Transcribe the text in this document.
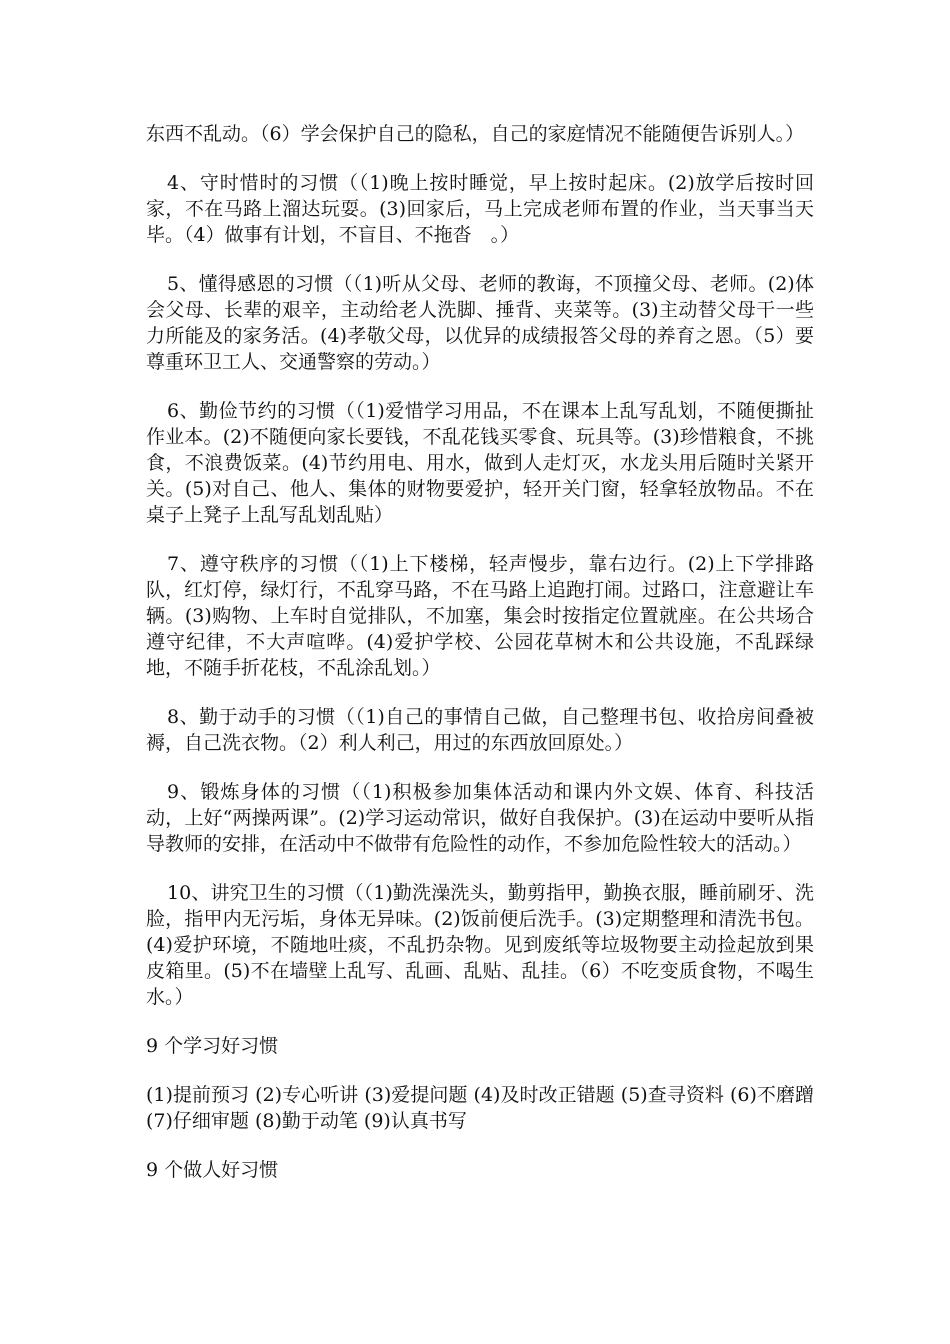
东西不乱动。（6）学会保护自己的隐私，自己的家庭情况不能随便告诉别人。）

4、守时惜时的习惯（（1)晚上按时睡觉，早上按时起床。(2)放学后按时回家，不在马路上溜达玩耍。(3)回家后，马上完成老师布置的作业，当天事当天毕。（4）做事有计划，不盲目、不拖沓　。）

5、懂得感恩的习惯（（1)听从父母、老师的教诲，不顶撞父母、老师。(2)体会父母、长辈的艰辛，主动给老人洗脚、捶背、夹菜等。(3)主动替父母干一些力所能及的家务活。(4)孝敬父母，以优异的成绩报答父母的养育之恩。（5）要尊重环卫工人、交通警察的劳动。）

6、勤俭节约的习惯（（1)爱惜学习用品，不在课本上乱写乱划，不随便撕扯作业本。(2)不随便向家长要钱，不乱花钱买零食、玩具等。(3)珍惜粮食，不挑食，不浪费饭菜。(4)节约用电、用水，做到人走灯灭，水龙头用后随时关紧开关。(5)对自己、他人、集体的财物要爱护，轻开关门窗，轻拿轻放物品。不在桌子上凳子上乱写乱划乱贴）

7、遵守秩序的习惯（（1)上下楼梯，轻声慢步，靠右边行。(2)上下学排路队，红灯停，绿灯行，不乱穿马路，不在马路上追跑打闹。过路口，注意避让车辆。(3)购物、上车时自觉排队，不加塞，集会时按指定位置就座。在公共场合遵守纪律，不大声喧哗。(4)爱护学校、公园花草树木和公共设施，不乱踩绿地，不随手折花枝，不乱涂乱划。）

8、勤于动手的习惯（（1)自己的事情自己做，自己整理书包、收拾房间叠被褥，自己洗衣物。（2）利人利己，用过的东西放回原处。）

9、锻炼身体的习惯（（1)积极参加集体活动和课内外文娱、体育、科技活动，上好“两操两课”。(2)学习运动常识，做好自我保护。(3)在运动中要听从指导教师的安排，在活动中不做带有危险性的动作，不参加危险性较大的活动。）

10、讲究卫生的习惯（（1)勤洗澡洗头，勤剪指甲，勤换衣服，睡前刷牙、洗脸，指甲内无污垢，身体无异味。(2)饭前便后洗手。(3)定期整理和清洗书包。(4)爱护环境，不随地吐痰，不乱扔杂物。见到废纸等垃圾物要主动捡起放到果皮箱里。(5)不在墙壁上乱写、乱画、乱贴、乱挂。（6）不吃变质食物，不喝生水。）

9 个学习好习惯

(1)提前预习 (2)专心听讲 (3)爱提问题 (4)及时改正错题 (5)查寻资料 (6)不磨蹭 (7)仔细审题 (8)勤于动笔 (9)认真书写

9 个做人好习惯
